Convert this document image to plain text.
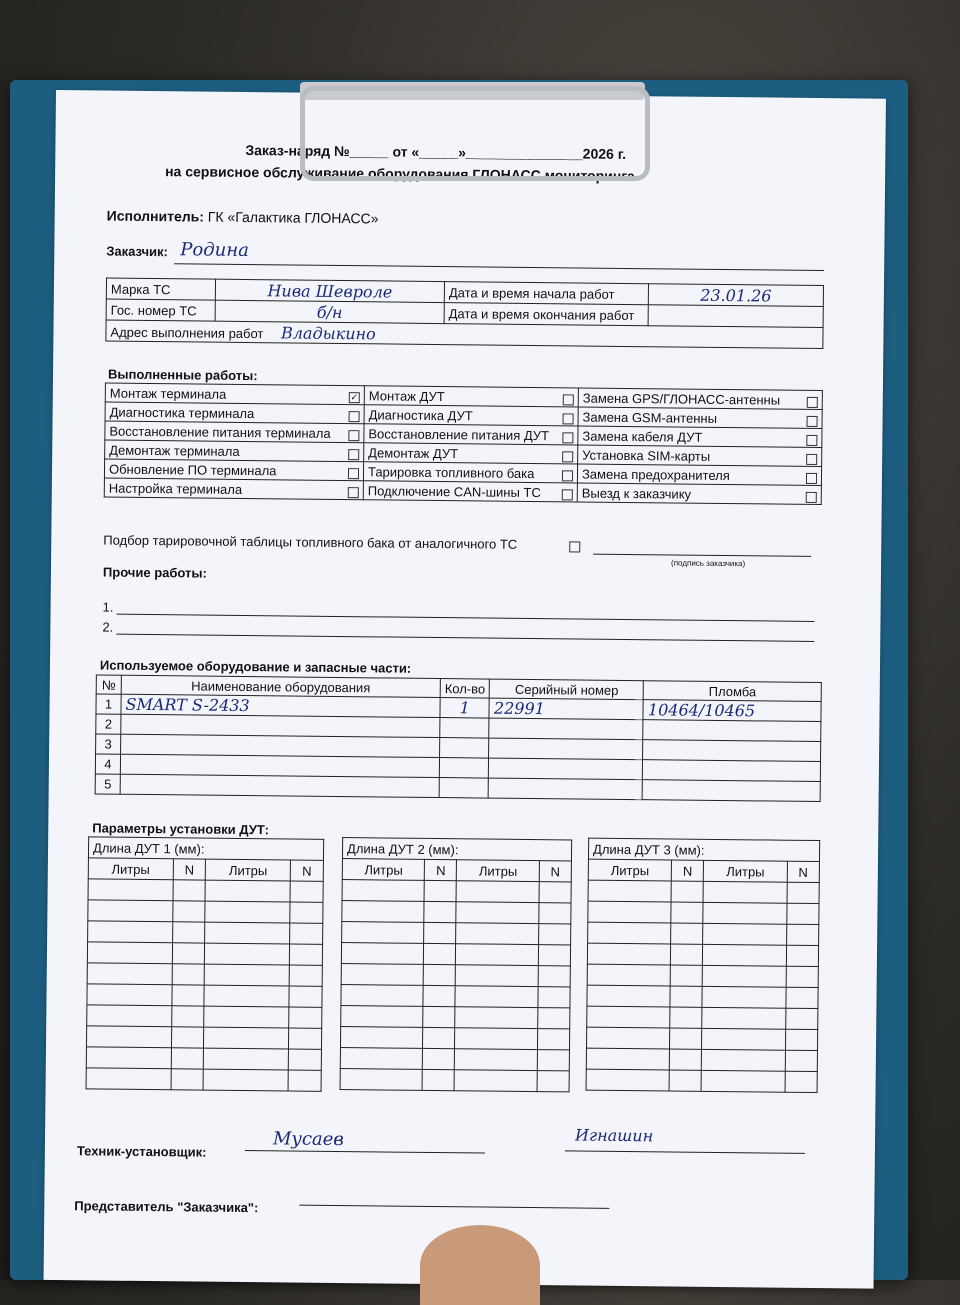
Заказ-наряд №_____ от «_____»_______________2026 г.
на сервисное обслуживание оборудования ГЛОНАСС мониторинга
Исполнитель: ГК «Галактика ГЛОНАСС»
Заказчик: Родина
Марка ТС	Нива Шевроле	Дата и время начала работ	23.01.26
Гос. номер ТС	б/н	Дата и время окончания работ	
Адрес выполнения работ Владыкино			
Выполненные работы:
Монтаж терминала ✓	Монтаж ДУТ	Замена GPS/ГЛОНАСС-антенны

Диагностика терминала	Диагностика ДУТ	Замена GSM-антенны

Восстановление питания терминала	Восстановление питания ДУТ	Замена кабеля ДУТ

Демонтаж терминала	Демонтаж ДУТ	Установка SIM-карты

Обновление ПО терминала	Тарировка топливного бака	Замена предохранителя

Настройка терминала	Подключение CAN-шины ТС	Выезд к заказчику
Подбор тарировочной таблицы топливного бака от аналогичного ТС
(подпись заказчика)
Прочие работы:
1.
2.
Используемое оборудование и запасные части:
№	Наименование оборудования	Кол-во	Серийный номер	Пломба
1	SMART S-2433	1	22991	10464/10465
2				
3				
4				
5				
Параметры установки ДУТ:
Длина ДУТ 1 (мм):			
Литры	N	Литры	N

Длина ДУТ 2 (мм):			
Литры	N	Литры	N

Длина ДУТ 3 (мм):			
Литры	N	Литры	N

Техник-установщик:
Мусаев	Игнашин
Представитель "Заказчика":
